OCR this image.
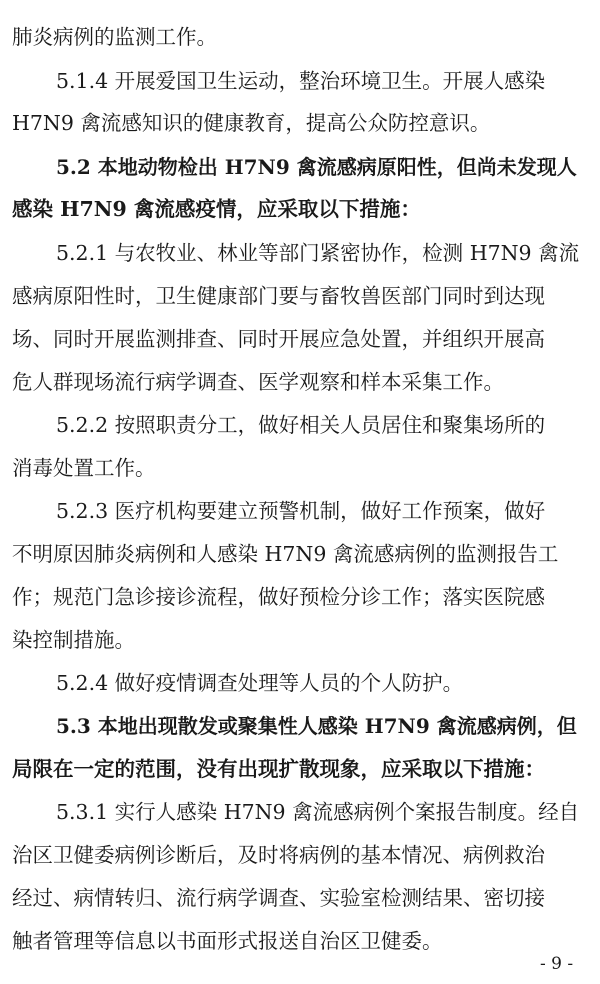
肺炎病例的监测工作。
5.1.4 开展爱国卫生运动，整治环境卫生。开展人感染
H7N9 禽流感知识的健康教育，提高公众防控意识。
5.2 本地动物检出 H7N9 禽流感病原阳性，但尚未发现人
感染 H7N9 禽流感疫情，应采取以下措施：
5.2.1 与农牧业、林业等部门紧密协作，检测 H7N9 禽流
感病原阳性时，卫生健康部门要与畜牧兽医部门同时到达现
场、同时开展监测排查、同时开展应急处置，并组织开展高
危人群现场流行病学调查、医学观察和样本采集工作。
5.2.2 按照职责分工，做好相关人员居住和聚集场所的
消毒处置工作。
5.2.3 医疗机构要建立预警机制，做好工作预案，做好
不明原因肺炎病例和人感染 H7N9 禽流感病例的监测报告工
作；规范门急诊接诊流程，做好预检分诊工作；落实医院感
染控制措施。
5.2.4 做好疫情调查处理等人员的个人防护。
5.3 本地出现散发或聚集性人感染 H7N9 禽流感病例，但
局限在一定的范围，没有出现扩散现象，应采取以下措施：
5.3.1 实行人感染 H7N9 禽流感病例个案报告制度。经自
治区卫健委病例诊断后，及时将病例的基本情况、病例救治
经过、病情转归、流行病学调查、实验室检测结果、密切接
触者管理等信息以书面形式报送自治区卫健委。
- 9 -
